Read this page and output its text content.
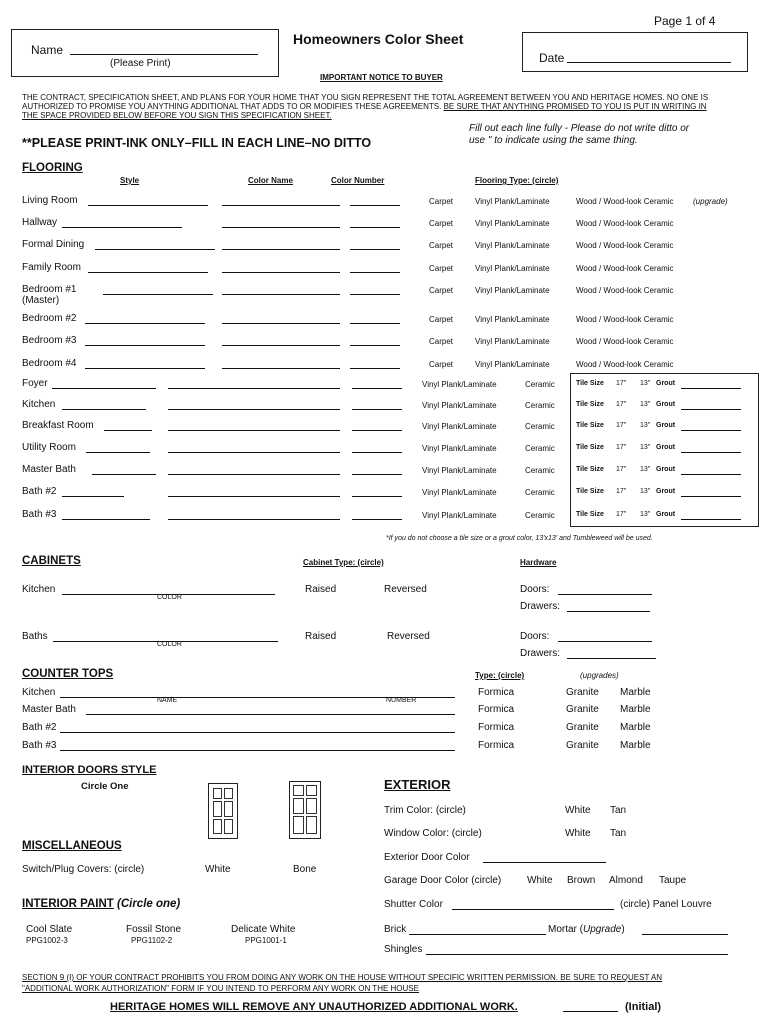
Page 1 of 4
Name
(Please Print)
Homeowners Color Sheet
Date
IMPORTANT NOTICE TO BUYER
THE CONTRACT, SPECIFICATION SHEET, AND PLANS FOR YOUR HOME THAT YOU SIGN REPRESENT THE TOTAL AGREEMENT BETWEEN YOU AND HERITAGE HOMES. NO ONE IS
AUTHORIZED TO PROMISE YOU ANYTHING ADDITIONAL THAT ADDS TO OR MODIFIES THESE AGREEMENTS. BE SURE THAT ANYTHING PROMISED TO YOU IS PUT IN WRITING IN
THE SPACE PROVIDED BELOW BEFORE YOU SIGN THIS SPECIFICATION SHEET.
**PLEASE PRINT-INK ONLY–FILL IN EACH LINE–NO DITTO
Fill out each line fully - Please do not write ditto or
use " to indicate using the same thing.
FLOORING
Style	Color Name	Color Number	Flooring Type: (circle)
Living Room	Carpet	Vinyl Plank/Laminate	Wood / Wood-look Ceramic (upgrade)
Hallway	Carpet	Vinyl Plank/Laminate	Wood / Wood-look Ceramic
Formal Dining	Carpet	Vinyl Plank/Laminate	Wood / Wood-look Ceramic
Family Room	Carpet	Vinyl Plank/Laminate	Wood / Wood-look Ceramic
Bedroom #1	Carpet	Vinyl Plank/Laminate	Wood / Wood-look Ceramic
(Master)
Bedroom #2	Carpet	Vinyl Plank/Laminate	Wood / Wood-look Ceramic
Bedroom #3	Carpet	Vinyl Plank/Laminate	Wood / Wood-look Ceramic
Bedroom #4	Carpet	Vinyl Plank/Laminate	Wood / Wood-look Ceramic
Foyer	Vinyl Plank/Laminate	Ceramic	Tile Size 17" 13" Grout
Kitchen	Vinyl Plank/Laminate	Ceramic	Tile Size 17" 13" Grout
Breakfast Room	Vinyl Plank/Laminate	Ceramic	Tile Size 17" 13" Grout
Utility Room	Vinyl Plank/Laminate	Ceramic	Tile Size 17" 13" Grout
Master Bath	Vinyl Plank/Laminate	Ceramic	Tile Size 17" 13" Grout
Bath #2	Vinyl Plank/Laminate	Ceramic	Tile Size 17" 13" Grout
Bath #3	Vinyl Plank/Laminate	Ceramic	Tile Size 17" 13" Grout
*If you do not choose a tile size or a grout color, 13'x13' and Tumbleweed will be used.
CABINETS	Cabinet Type: (circle)	Hardware
Kitchen
COLOR
Raised	Reversed	Doors:
Drawers:
Baths
COLOR
Raised	Reversed	Doors:
Drawers:
COUNTER TOPS	Type: (circle)	(upgrades)
Kitchen	Formica	Granite Marble
Master Bath	Formica	Granite Marble
Bath #2	Formica	Granite Marble
Bath #3	Formica	Granite Marble
NAME	NUMBER
INTERIOR DOORS STYLE
Circle One
MISCELLANEOUS
Switch/Plug Covers: (circle)	White	Bone
INTERIOR PAINT (Circle one)
Cool Slate
PPG1002-3
Fossil Stone
PPG1102-2
Delicate White
PPG1001-1
EXTERIOR
Trim Color: (circle)	White Tan
Window Color: (circle)	White Tan
Exterior Door Color
Garage Door Color (circle)	White Brown Almond Taupe
Shutter Color	(circle) Panel Louvre
Brick	Mortar (Upgrade)
Shingles
SECTION 9 (I) OF YOUR CONTRACT PROHIBITS YOU FROM DOING ANY WORK ON THE HOUSE WITHOUT SPECIFIC WRITTEN PERMISSION. BE SURE TO REQUEST AN
"ADDITIONAL WORK AUTHORIZATION" FORM IF YOU INTEND TO PERFORM ANY WORK ON THE HOUSE
HERITAGE HOMES WILL REMOVE ANY UNAUTHORIZED ADDITIONAL WORK.	(Initial)
